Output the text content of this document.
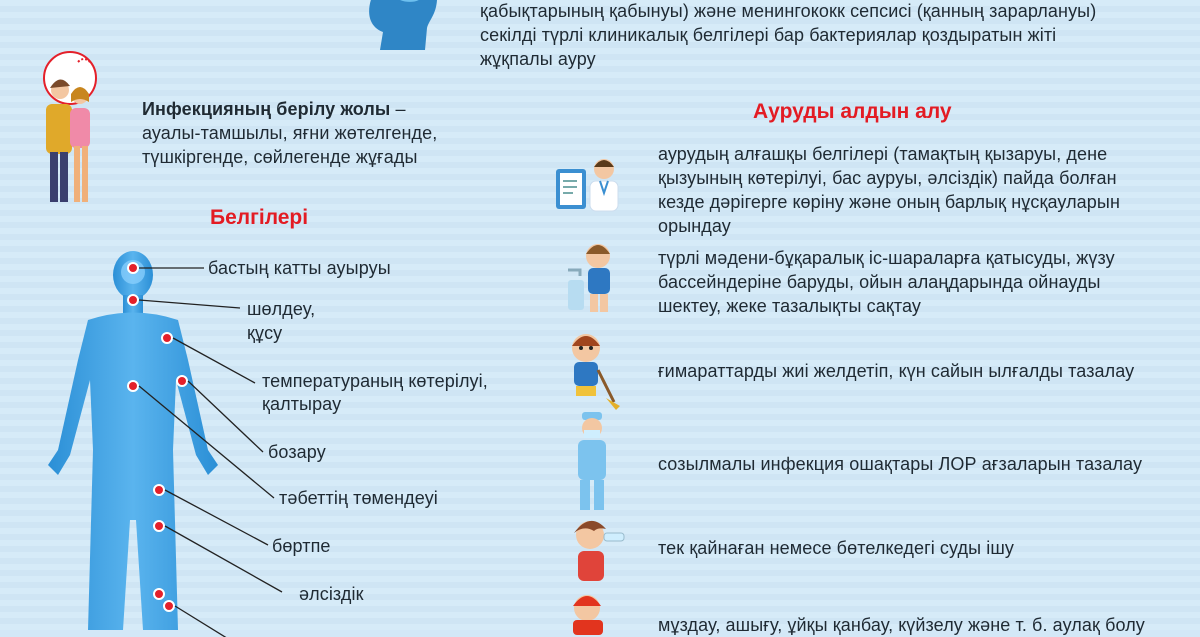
қабықтарының қабынуы) және менингококк сепсисі (қанның зарарлануы)
секілді түрлі клиникалық белгілері бар бактериялар қоздыратын жіті
жұқпалы ауру
Инфекцияның берілу жолы –
ауалы-тамшылы, яғни жөтелгенде,
түшкіргенде, сөйлегенде жұғады
Белгілері
бастың катты ауыруы
шөлдеу,
құсу
температураның көтерілуі,
қалтырау
бозару
тәбеттің төмендеуі
бөртпе
әлсіздік
Ауруды алдын алу
аурудың алғашқы белгілері (тамақтың қызаруы, дене
қызуының көтерілуі, бас ауруы, әлсіздік) пайда болған
кезде дәрігерге көріну және оның барлық нұсқауларын
орындау
түрлі мәдени-бұқаралық іс-шараларға қатысуды, жүзу
бассейндеріне баруды, ойын алаңдарында ойнауды
шектеу, жеке тазалықты сақтау
ғимараттарды жиі желдетіп, күн сайын ылғалды тазалау
созылмалы инфекция ошақтары ЛОР ағзаларын тазалау
тек қайнаған немесе бөтелкедегі суды ішу
мұздау, ашығу, ұйқы қанбау, күйзелу және т. б. аулақ болу
